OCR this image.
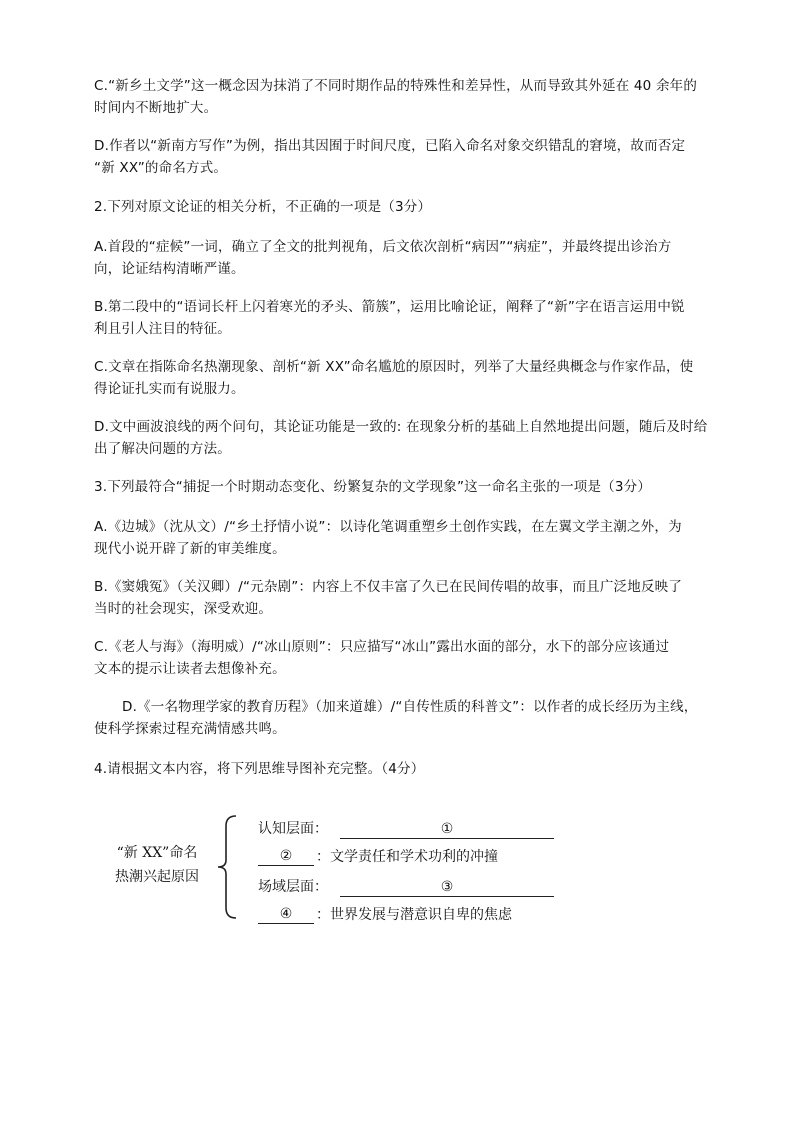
C.“新乡土文学”这一概念因为抹消了不同时期作品的特殊性和差异性，从而导致其外延在 40 余年的
时间内不断地扩大。
D.作者以“新南方写作”为例，指出其因囿于时间尺度，已陷入命名对象交织错乱的窘境，故而否定
“新 XX”的命名方式。
2.下列对原文论证的相关分析，不正确的一项是（3分）
A.首段的“症候”一词，确立了全文的批判视角，后文依次剖析“病因”“病症”，并最终提出诊治方
向，论证结构清晰严谨。
B.第二段中的“语词长杆上闪着寒光的矛头、箭簇”，运用比喻论证，阐释了“新”字在语言运用中锐
利且引人注目的特征。
C.文章在指陈命名热潮现象、剖析“新 XX”命名尴尬的原因时，列举了大量经典概念与作家作品，使
得论证扎实而有说服力。
D.文中画波浪线的两个问句，其论证功能是一致的: 在现象分析的基础上自然地提出问题，随后及时给
出了解决问题的方法。
3.下列最符合“捕捉一个时期动态变化、纷繁复杂的文学现象”这一命名主张的一项是（3分）
A.《边城》（沈从文）/“乡土抒情小说”：以诗化笔调重塑乡土创作实践，在左翼文学主潮之外，为
现代小说开辟了新的审美维度。
B.《窦娥冤》（关汉卿）/“元杂剧”：内容上不仅丰富了久已在民间传唱的故事，而且广泛地反映了
当时的社会现实，深受欢迎。
C.《老人与海》（海明威）/“冰山原则”：只应描写“冰山”露出水面的部分，水下的部分应该通过
文本的提示让读者去想像补充。
D.《一名物理学家的教育历程》（加来道雄）/“自传性质的科普文”：以作者的成长经历为主线，
使科学探索过程充满情感共鸣。
4.请根据文本内容，将下列思维导图补充完整。（4分）
“新 XX”命名
热潮兴起原因
认知层面：	①
②	：文学责任和学术功利的冲撞
场域层面：	③
④	：世界发展与潜意识自卑的焦虑
